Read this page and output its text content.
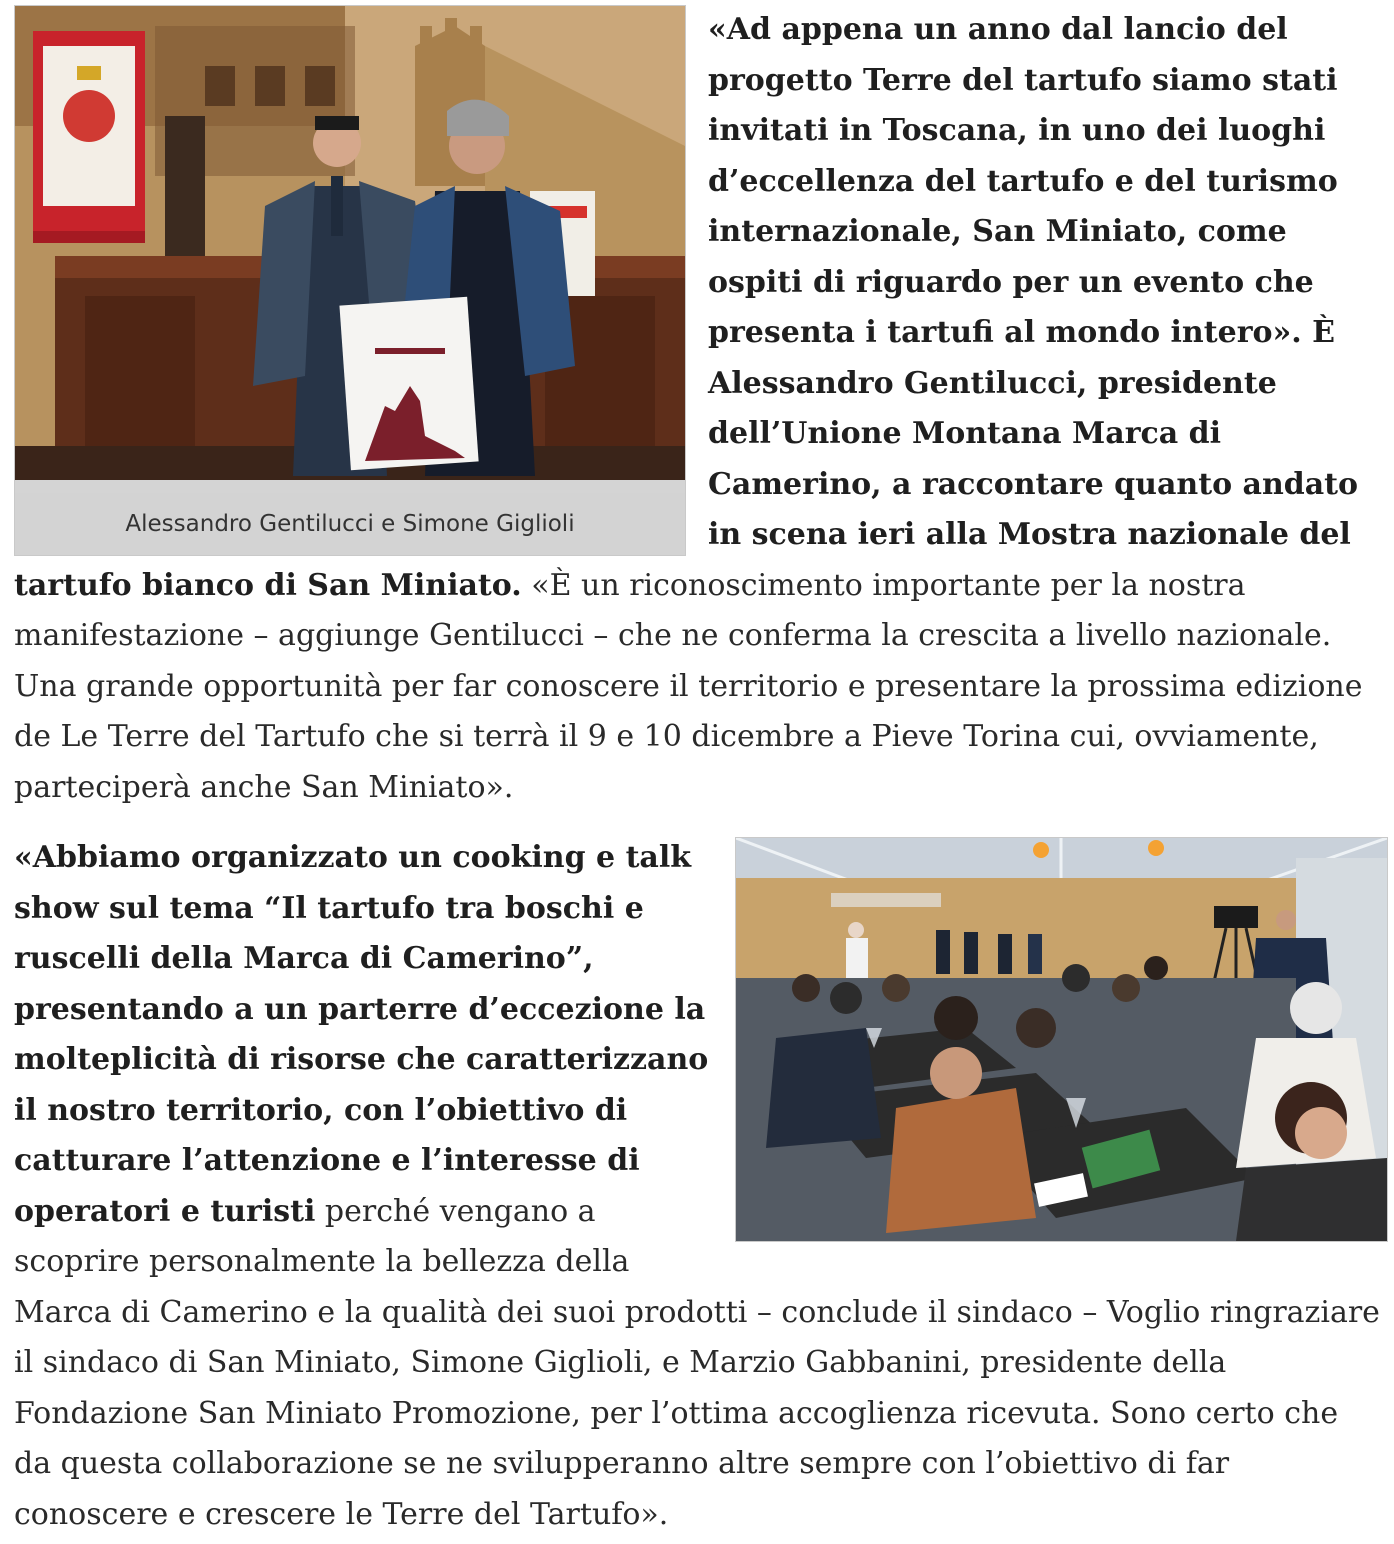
Alessandro Gentilucci e Simone Giglioli
«Ad appena un anno dal lancio del progetto Terre del tartufo siamo stati invitati in Toscana, in uno dei luoghi d’eccellenza del tartufo e del turismo internazionale, San Miniato, come ospiti di riguardo per un evento che presenta i tartufi al mondo intero». È Alessandro Gentilucci, presidente dell’Unione Montana Marca di Camerino, a raccontare quanto andato in scena ieri alla Mostra nazionale del tartufo bianco di San Miniato. «È un riconoscimento importante per la nostra manifestazione – aggiunge Gentilucci – che ne conferma la crescita a livello nazionale. Una grande opportunità per far conoscere il territorio e presentare la prossima edizione de Le Terre del Tartufo che si terrà il 9 e 10 dicembre a Pieve Torina cui, ovviamente, parteciperà anche San Miniato».

«Abbiamo organizzato un cooking e talk show sul tema “Il tartufo tra boschi e ruscelli della Marca di Camerino”, presentando a un parterre d’eccezione la molteplicità di risorse che caratterizzano il nostro territorio, con l’obiettivo di catturare l’attenzione e l’interesse di operatori e turisti perché vengano a scoprire personalmente la bellezza della Marca di Camerino e la qualità dei suoi prodotti – conclude il sindaco – Voglio ringraziare il sindaco di San Miniato, Simone Giglioli, e Marzio Gabbanini, presidente della Fondazione San Miniato Promozione, per l’ottima accoglienza ricevuta. Sono certo che da questa collaborazione se ne svilupperanno altre sempre con l’obiettivo di far conoscere e crescere le Terre del Tartufo».
